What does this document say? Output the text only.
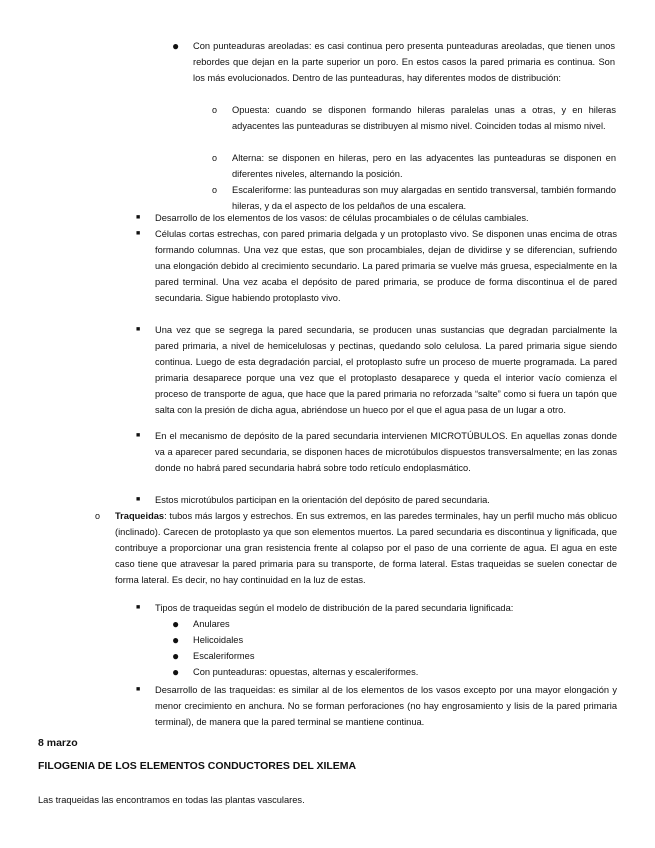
● Con punteaduras areoladas: es casi continua pero presenta punteaduras areoladas, que tienen unos rebordes que dejan en la parte superior un poro. En estos casos la pared primaria es continua. Son los más evolucionados. Dentro de las punteaduras, hay diferentes modos de distribución:
o Opuesta: cuando se disponen formando hileras paralelas unas a otras, y en hileras adyacentes las punteaduras se distribuyen al mismo nivel. Coinciden todas al mismo nivel.
o Alterna: se disponen en hileras, pero en las adyacentes las punteaduras se disponen en diferentes niveles, alternando la posición.
o Escaleriforme: las punteaduras son muy alargadas en sentido transversal, también formando hileras, y da el aspecto de los peldaños de una escalera.
■ Desarrollo de los elementos de los vasos: de células procambiales o de células cambiales.
■ Células cortas estrechas, con pared primaria delgada y un protoplasto vivo. Se disponen unas encima de otras formando columnas. Una vez que estas, que son procambiales, dejan de dividirse y se diferencian, sufriendo una elongación debido al crecimiento secundario. La pared primaria se vuelve más gruesa, especialmente en la pared terminal. Una vez acaba el depósito de pared primaria, se produce de forma discontinua el de pared secundaria. Sigue habiendo protoplasto vivo.
■ Una vez que se segrega la pared secundaria, se producen unas sustancias que degradan parcialmente la pared primaria, a nivel de hemicelulosas y pectinas, quedando solo celulosa. La pared primaria sigue siendo continua. Luego de esta degradación parcial, el protoplasto sufre un proceso de muerte programada. La pared primaria desaparece porque una vez que el protoplasto desaparece y queda el interior vacío comienza el proceso de transporte de agua, que hace que la pared primaria no reforzada “salte” como si fuera un tapón que salta con la presión de dicha agua, abriéndose un hueco por el que el agua pasa de un lugar a otro.
■ En el mecanismo de depósito de la pared secundaria intervienen MICROTÚBULOS. En aquellas zonas donde va a aparecer pared secundaria, se disponen haces de microtúbulos dispuestos transversalmente; en las zonas donde no habrá pared secundaria habrá sobre todo retículo endoplasmático.
■ Estos microtúbulos participan en la orientación del depósito de pared secundaria.
o Traqueidas: tubos más largos y estrechos. En sus extremos, en las paredes terminales, hay un perfil mucho más oblicuo (inclinado). Carecen de protoplasto ya que son elementos muertos. La pared secundaria es discontinua y lignificada, que contribuye a proporcionar una gran resistencia frente al colapso por el paso de una corriente de agua. El agua en este caso tiene que atravesar la pared primaria para su transporte, de forma lateral. Estas traqueidas se suelen conectar de forma lateral. Es decir, no hay continuidad en la luz de estas.
■ Tipos de traqueidas según el modelo de distribución de la pared secundaria lignificada:
● Anulares
● Helicoidales
● Escaleriformes
● Con punteaduras: opuestas, alternas y escaleriformes.
■ Desarrollo de las traqueidas: es similar al de los elementos de los vasos excepto por una mayor elongación y menor crecimiento en anchura. No se forman perforaciones (no hay engrosamiento y lisis de la pared primaria terminal), de manera que la pared terminal se mantiene continua.
8 marzo
FILOGENIA DE LOS ELEMENTOS CONDUCTORES DEL XILEMA
Las traqueidas las encontramos en todas las plantas vasculares.
